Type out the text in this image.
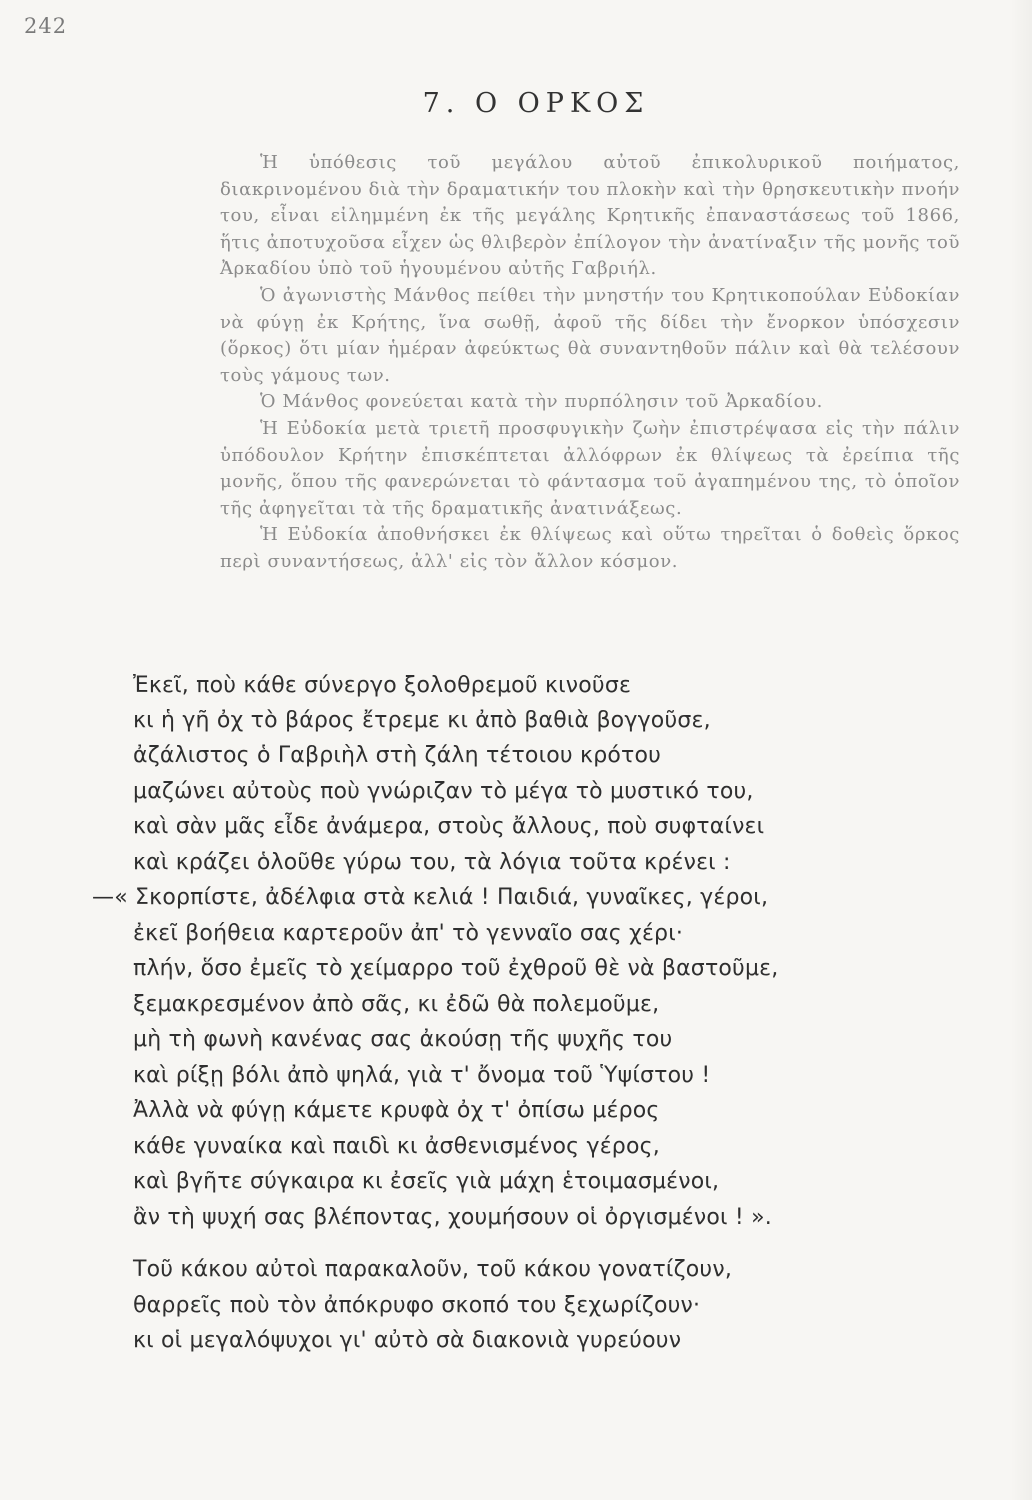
242
7. Ο ΟΡΚΟΣ

Ἡ ὑπόθεσις τοῦ μεγάλου αὐτοῦ ἐπικολυρικοῦ ποιήματος, διακρινομένου διὰ τὴν δραματικήν του πλοκὴν καὶ τὴν θρησκευτικὴν πνοήν του, εἶναι εἰλημμένη ἐκ τῆς μεγάλης Κρητικῆς ἐπαναστάσεως τοῦ 1866, ἥτις ἀποτυχοῦσα εἶχεν ὡς θλιβερὸν ἐπίλογον τὴν ἀνατίναξιν τῆς μονῆς τοῦ Ἀρκαδίου ὑπὸ τοῦ ἡγουμένου αὐτῆς Γαβριήλ.

Ὁ ἀγωνιστὴς Μάνθος πείθει τὴν μνηστήν του Κρητικοπούλαν Εὐδοκίαν νὰ φύγῃ ἐκ Κρήτης, ἵνα σωθῇ, ἀφοῦ τῆς δίδει τὴν ἔνορκον ὑπόσχεσιν (ὅρκος) ὅτι μίαν ἡμέραν ἀφεύκτως θὰ συναντηθοῦν πάλιν καὶ θὰ τελέσουν τοὺς γάμους των.

Ὁ Μάνθος φονεύεται κατὰ τὴν πυρπόλησιν τοῦ Ἀρκαδίου.

Ἡ Εὐδοκία μετὰ τριετῆ προσφυγικὴν ζωὴν ἐπιστρέψασα εἰς τὴν πάλιν ὑπόδουλον Κρήτην ἐπισκέπτεται ἀλλόφρων ἐκ θλίψεως τὰ ἐρείπια τῆς μονῆς, ὅπου τῆς φανερώνεται τὸ φάντασμα τοῦ ἀγαπημένου της, τὸ ὁποῖον τῆς ἀφηγεῖται τὰ τῆς δραματικῆς ἀνατινάξεως.

Ἡ Εὐδοκία ἀποθνήσκει ἐκ θλίψεως καὶ οὕτω τηρεῖται ὁ δοθεὶς ὅρκος περὶ συναντήσεως, ἀλλ' εἰς τὸν ἄλλον κόσμον.

Ἐκεῖ, ποὺ κάθε σύνεργο ξολοθρεμοῦ κινοῦσε
κι ἡ γῆ ὀχ τὸ βάρος ἔτρεμε κι ἀπὸ βαθιὰ βογγοῦσε,
ἀζάλιστος ὁ Γαβριὴλ στὴ ζάλη τέτοιου κρότου
μαζώνει αὐτοὺς ποὺ γνώριζαν τὸ μέγα τὸ μυστικό του,
καὶ σὰν μᾶς εἶδε ἀνάμερα, στοὺς ἄλλους, ποὺ συφταίνει
καὶ κράζει ὁλοῦθε γύρω του, τὰ λόγια τοῦτα κρένει :
—« Σκορπίστε, ἀδέλφια στὰ κελιά ! Παιδιά, γυναῖκες, γέροι,
ἐκεῖ βοήθεια καρτεροῦν ἀπ' τὸ γενναῖο σας χέρι·
πλήν, ὅσο ἐμεῖς τὸ χείμαρρο τοῦ ἐχθροῦ θὲ νὰ βαστοῦμε,
ξεμακρεσμένον ἀπὸ σᾶς, κι ἐδῶ θὰ πολεμοῦμε,
μὴ τὴ φωνὴ κανένας σας ἀκούσῃ τῆς ψυχῆς του
καὶ ρίξῃ βόλι ἀπὸ ψηλά, γιὰ τ' ὄνομα τοῦ Ὑψίστου !
Ἀλλὰ νὰ φύγῃ κάμετε κρυφὰ ὀχ τ' ὀπίσω μέρος
κάθε γυναίκα καὶ παιδὶ κι ἀσθενισμένος γέρος,
καὶ βγῆτε σύγκαιρα κι ἐσεῖς γιὰ μάχη ἑτοιμασμένοι,
ἂν τὴ ψυχή σας βλέποντας, χουμήσουν οἱ ὀργισμένοι ! ».
Τοῦ κάκου αὐτοὶ παρακαλοῦν, τοῦ κάκου γονατίζουν,
θαρρεῖς ποὺ τὸν ἀπόκρυφο σκοπό του ξεχωρίζουν·
κι οἱ μεγαλόψυχοι γι' αὐτὸ σὰ διακονιὰ γυρεύουν
